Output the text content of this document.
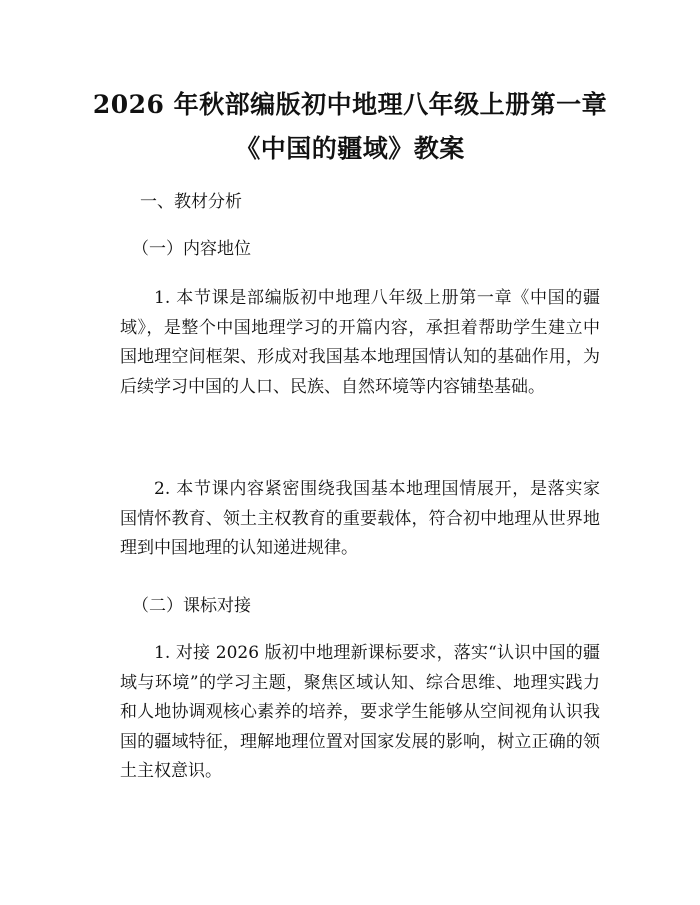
2026 年秋部编版初中地理八年级上册第一章
《中国的疆域》教案

一、教材分析

（一）内容地位

1. 本节课是部编版初中地理八年级上册第一章《中国的疆域》，是整个中国地理学习的开篇内容，承担着帮助学生建立中国地理空间框架、形成对我国基本地理国情认知的基础作用，为后续学习中国的人口、民族、自然环境等内容铺垫基础。

2. 本节课内容紧密围绕我国基本地理国情展开，是落实家国情怀教育、领土主权教育的重要载体，符合初中地理从世界地理到中国地理的认知递进规律。

（二）课标对接

1. 对接 2026 版初中地理新课标要求，落实“认识中国的疆域与环境”的学习主题，聚焦区域认知、综合思维、地理实践力和人地协调观核心素养的培养，要求学生能够从空间视角认识我国的疆域特征，理解地理位置对国家发展的影响，树立正确的领土主权意识。
